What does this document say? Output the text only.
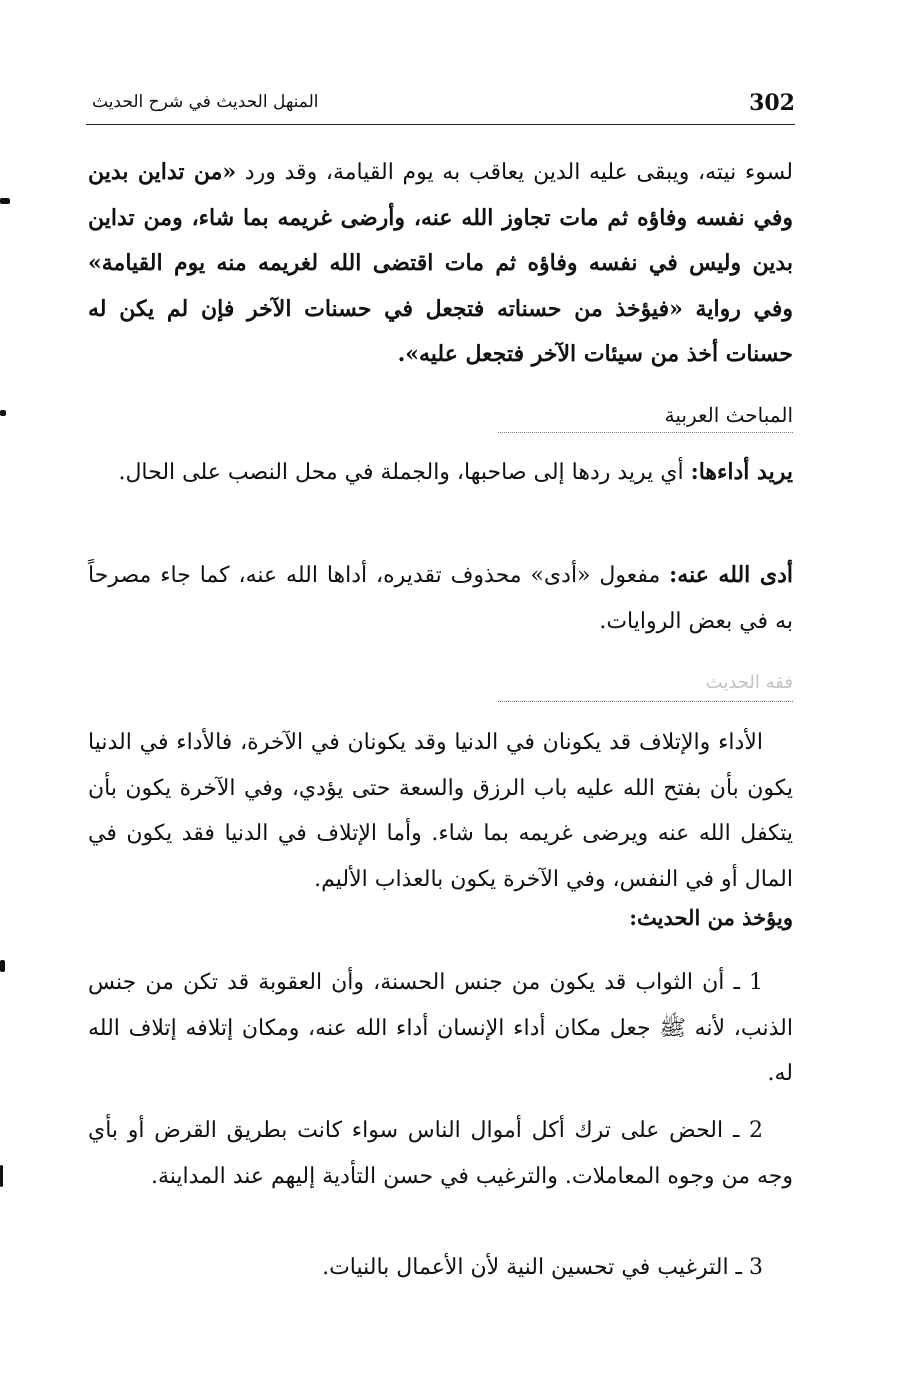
302
المنهل الحديث في شرح الحديث
لسوء نيته، ويبقى عليه الدين يعاقب به يوم القيامة، وقد ورد «من تداين بدين وفي نفسه وفاؤه ثم مات تجاوز الله عنه، وأرضى غريمه بما شاء، ومن تداين بدين وليس في نفسه وفاؤه ثم مات اقتضى الله لغريمه منه يوم القيامة» وفي رواية «فيؤخذ من حسناته فتجعل في حسنات الآخر فإن لم يكن له حسنات أخذ من سيئات الآخر فتجعل عليه».
المباحث العربية
يريد أداءها: أي يريد ردها إلى صاحبها، والجملة في محل النصب على الحال.
أدى الله عنه: مفعول «أدى» محذوف تقديره، أداها الله عنه، كما جاء مصرحاً به في بعض الروايات.
فقه الحديث
الأداء والإتلاف قد يكونان في الدنيا وقد يكونان في الآخرة، فالأداء في الدنيا يكون بأن بفتح الله عليه باب الرزق والسعة حتى يؤدي، وفي الآخرة يكون بأن يتكفل الله عنه ويرضى غريمه بما شاء. وأما الإتلاف في الدنيا فقد يكون في المال أو في النفس، وفي الآخرة يكون بالعذاب الأليم.
ويؤخذ من الحديث:
1 ـ أن الثواب قد يكون من جنس الحسنة، وأن العقوبة قد تكن من جنس الذنب، لأنه ﷺ جعل مكان أداء الإنسان أداء الله عنه، ومكان إتلافه إتلاف الله له.
2 ـ الحض على ترك أكل أموال الناس سواء كانت بطريق القرض أو بأي وجه من وجوه المعاملات. والترغيب في حسن التأدية إليهم عند المداينة.
3 ـ الترغيب في تحسين النية لأن الأعمال بالنيات.
